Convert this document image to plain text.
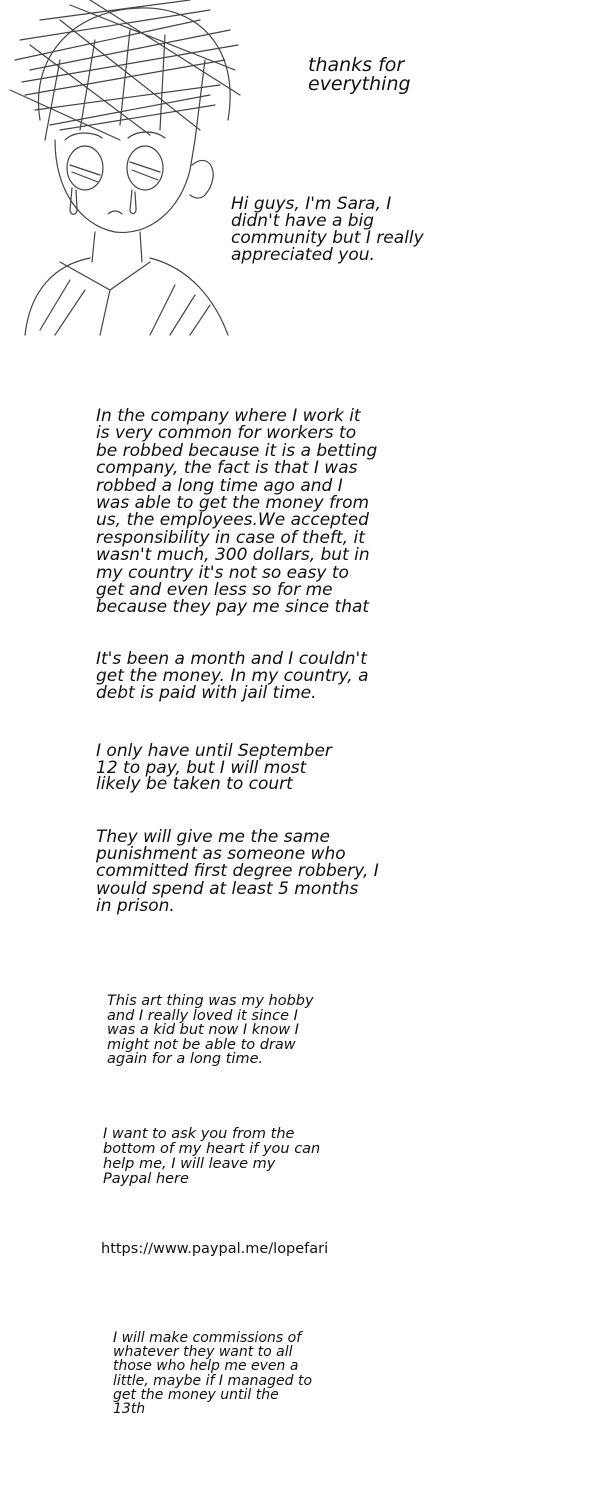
thanks for
everything

Hi guys, I'm Sara, I
didn't have a big
community but I really
appreciated you.

In the company where I work it
is very common for workers to
be robbed because it is a betting
company, the fact is that I was
robbed a long time ago and I
was able to get the money from
us, the employees.We accepted
responsibility in case of theft, it
wasn't much, 300 dollars, but in
my country it's not so easy to
get and even less so for me
because they pay me since that

It's been a month and I couldn't
get the money. In my country, a
debt is paid with jail time.

I only have until September
12 to pay, but I will most
likely be taken to court

They will give me the same
punishment as someone who
committed first degree robbery, I
would spend at least 5 months
in prison.

This art thing was my hobby
and I really loved it since I
was a kid but now I know I
might not be able to draw
again for a long time.

I want to ask you from the
bottom of my heart if you can
help me, I will leave my
Paypal here

https://www.paypal.me/lopefari

I will make commissions of
whatever they want to all
those who help me even a
little, maybe if I managed to
get the money until the
13th
